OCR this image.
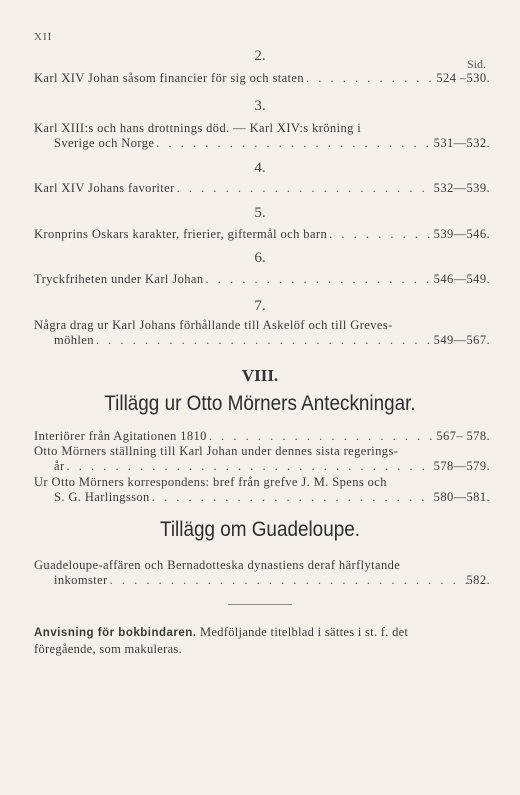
XII
Sid.
2.
Karl XIV Johan såsom financier för sig och staten . . .	524 –530.
3.
Karl XIII:s och hans drottnings död. — Karl XIV:s kröning i
Sverige och Norge . . .	531—532.
4.
Karl XIV Johans favoriter . . .	532—539.
5.
Kronprins Oskars karakter, frierier, giftermål och barn . . .	539—546.
6.
Tryckfriheten under Karl Johan . . .	546—549.
7.
Några drag ur Karl Johans förhållande till Askelöf och till Greves-
möhlen . . .	549—567.
VIII.
Tillägg ur Otto Mörners Anteckningar.
Interiörer från Agitationen 1810 . . .	567– 578.
Otto Mörners ställning till Karl Johan under dennes sista regerings-
år . . .	578—579.
Ur Otto Mörners korrespondens: bref från grefve J. M. Spens och
S. G. Harlingsson . . .	580—581.
Tillägg om Guadeloupe.
Guadeloupe-affären och Bernadotteska dynastiens deraf härflytande
inkomster . . .	582.
Anvisning för bokbindaren. Medföljande titelblad i sättes i st. f. det
föregående, som makuleras.
